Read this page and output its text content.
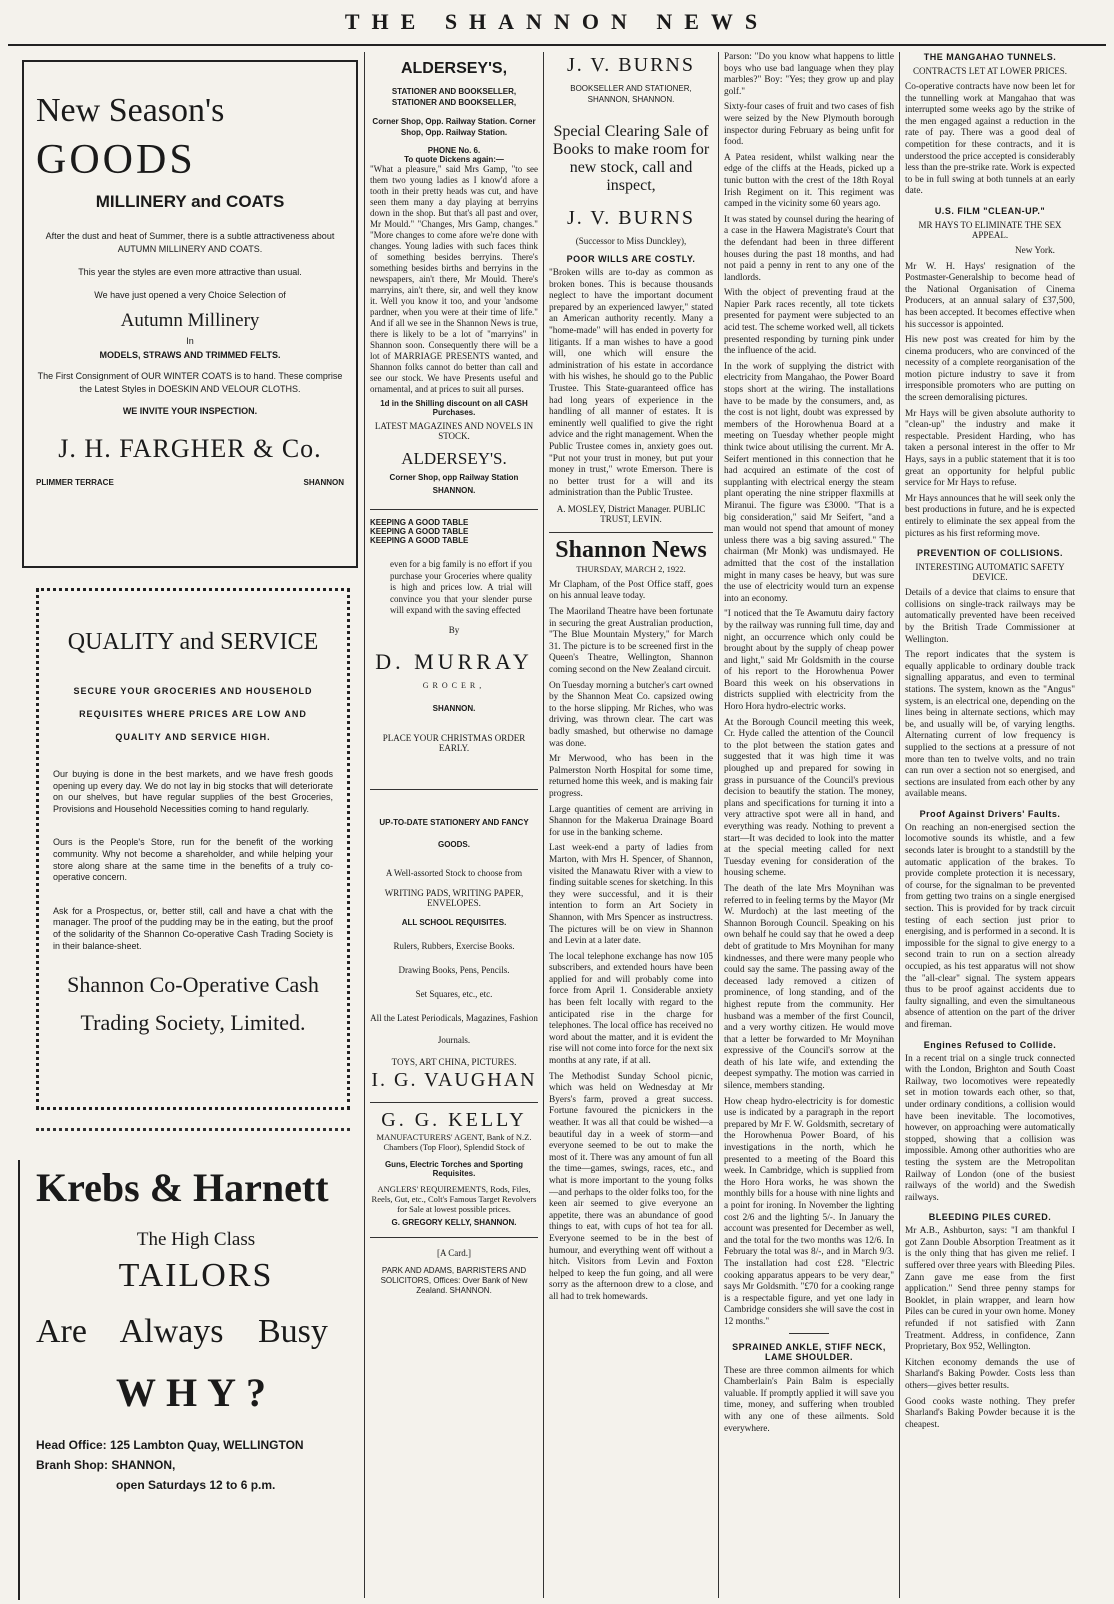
THE SHANNON NEWS
New Season's
GOODS
MILLINERY and COATS

After the dust and heat of Summer, there is a subtle attractiveness about AUTUMN MILLINERY AND COATS.

This year the styles are even more attractive than usual.

We have just opened a very Choice Selection of

Autumn Millinery
In
MODELS, STRAWS AND TRIMMED FELTS.

The First Consignment of OUR WINTER COATS is to hand. These comprise the Latest Styles in DOESKIN AND VELOUR CLOTHS.

WE INVITE YOUR INSPECTION.
J. H. FARGHER & Co.
PLIMMER TERRACE	SHANNON
QUALITY and SERVICE
SECURE YOUR GROCERIES AND HOUSEHOLD REQUISITES WHERE PRICES ARE LOW AND QUALITY AND SERVICE HIGH.

Our buying is done in the best markets, and we have fresh goods opening up every day. We do not lay in big stocks that will deteriorate on our shelves, but have regular supplies of the best Groceries, Provisions and Household Necessities coming to hand regularly.

Ours is the People's Store, run for the benefit of the working community. Why not become a shareholder, and while helping your store along share at the same time in the benefits of a truly co-operative concern.

Ask for a Prospectus, or, better still, call and have a chat with the manager. The proof of the pudding may be in the eating, but the proof of the solidarity of the Shannon Co-operative Cash Trading Society is in their balance-sheet.

Shannon Co-Operative Cash Trading Society, Limited.
Krebs & Harnett
The High Class
TAILORS
Are Always Busy
WHY?
Head Office: 125 Lambton Quay, WELLINGTON
Branh Shop: SHANNON,
open Saturdays 12 to 6 p.m.
ALDERSEY'S,
STATIONER AND BOOKSELLER, STATIONER AND BOOKSELLER,
Corner Shop, Opp. Railway Station. Corner Shop, Opp. Railway Station.
PHONE No. 6.
To quote Dickens again:—

"What a pleasure," said Mrs Gamp, "to see them two young ladies as I know'd afore a tooth in their pretty heads was cut, and have seen them many a day playing at berryins down in the shop. But that's all past and over, Mr Mould." "Changes, Mrs Gamp, changes." "More changes to come afore we're done with changes. Young ladies with such faces think of something besides berryins. There's something besides births and berryins in the newspapers, ain't there, Mr Mould. There's marryins, ain't there, sir, and well they know it. Well you know it too, and your 'andsome pardner, when you were at their time of life." And if all we see in the Shannon News is true, there is likely to be a lot of "marryins" in Shannon soon. Consequently there will be a lot of MARRIAGE PRESENTS wanted, and Shannon folks cannot do better than call and see our stock. We have Presents useful and ornamental, and at prices to suit all purses.

1d in the Shilling discount on all CASH Purchases.

LATEST MAGAZINES AND NOVELS IN STOCK.

ALDERSEY'S.
Corner Shop, opp Railway Station
SHANNON.
KEEPING A GOOD TABLE
KEEPING A GOOD TABLE
KEEPING A GOOD TABLE

even for a big family is no effort if you purchase your Groceries where quality is high and prices low. A trial will convince you that your slender purse will expand with the saving effected

By
D. MURRAY
GROCER,
SHANNON.
PLACE YOUR CHRISTMAS ORDER EARLY.
UP-TO-DATE STATIONERY AND FANCY GOODS.
A Well-assorted Stock to choose from
WRITING PADS, WRITING PAPER, ENVELOPES.
ALL SCHOOL REQUISITES.
Rulers, Rubbers, Exercise Books.
Drawing Books, Pens, Pencils.
Set Squares, etc., etc.
All the Latest Periodicals, Magazines, Fashion Journals.
TOYS, ART CHINA, PICTURES.
I. G. VAUGHAN
G. G. KELLY
MANUFACTURERS' AGENT, Bank of N.Z. Chambers (Top Floor), Splendid Stock of
Guns, Electric Torches and Sporting Requisites.
ANGLERS' REQUIREMENTS, Rods, Files, Reels, Gut, etc., Colt's Famous Target Revolvers for Sale at lowest possible prices.
G. GREGORY KELLY, SHANNON.
[A Card.]
PARK AND ADAMS, BARRISTERS AND SOLICITORS, Offices: Over Bank of New Zealand. SHANNON.
J. V. BURNS
BOOKSELLER AND STATIONER, SHANNON, SHANNON.
Special Clearing Sale of Books to make room for new stock, call and inspect,
J. V. BURNS
(Successor to Miss Dunckley),
POOR WILLS ARE COSTLY.

"Broken wills are to-day as common as broken bones. This is because thousands neglect to have the important document prepared by an experienced lawyer," stated an American authority recently. Many a "home-made" will has ended in poverty for litigants. If a man wishes to have a good will, one which will ensure the administration of his estate in accordance with his wishes, he should go to the Public Trustee. This State-guaranteed office has had long years of experience in the handling of all manner of estates. It is eminently well qualified to give the right advice and the right management. When the Public Trustee comes in, anxiety goes out. "Put not your trust in money, but put your money in trust," wrote Emerson. There is no better trust for a will and its administration than the Public Trustee.

A. MOSLEY, District Manager. PUBLIC TRUST, LEVIN.
Shannon News
THURSDAY, MARCH 2, 1922.

Mr Clapham, of the Post Office staff, goes on his annual leave today.

The Maoriland Theatre have been fortunate in securing the great Australian production, "The Blue Mountain Mystery," for March 31. The picture is to be screened first in the Queen's Theatre, Wellington, Shannon coming second on the New Zealand circuit.

On Tuesday morning a butcher's cart owned by the Shannon Meat Co. capsized owing to the horse slipping. Mr Riches, who was driving, was thrown clear. The cart was badly smashed, but otherwise no damage was done.

Mr Merwood, who has been in the Palmerston North Hospital for some time, returned home this week, and is making fair progress.

Large quantities of cement are arriving in Shannon for the Makerua Drainage Board for use in the banking scheme.

Last week-end a party of ladies from Marton, with Mrs H. Spencer, of Shannon, visited the Manawatu River with a view to finding suitable scenes for sketching. In this they were successful, and it is their intention to form an Art Society in Shannon, with Mrs Spencer as instructress. The pictures will be on view in Shannon and Levin at a later date.

The local telephone exchange has now 105 subscribers, and extended hours have been applied for and will probably come into force from April 1. Considerable anxiety has been felt locally with regard to the anticipated rise in the charge for telephones. The local office has received no word about the matter, and it is evident the rise will not come into force for the next six months at any rate, if at all.

The Methodist Sunday School picnic, which was held on Wednesday at Mr Byers's farm, proved a great success. Fortune favoured the picnickers in the weather. It was all that could be wished—a beautiful day in a week of storm—and everyone seemed to be out to make the most of it. There was any amount of fun all the time—games, swings, races, etc., and what is more important to the young folks—and perhaps to the older folks too, for the keen air seemed to give everyone an appetite, there was an abundance of good things to eat, with cups of hot tea for all. Everyone seemed to be in the best of humour, and everything went off without a hitch. Visitors from Levin and Foxton helped to keep the fun going, and all were sorry as the afternoon drew to a close, and all had to trek homewards.

Parson: "Do you know what happens to little boys who use bad language when they play marbles?" Boy: "Yes; they grow up and play golf."

Sixty-four cases of fruit and two cases of fish were seized by the New Plymouth borough inspector during February as being unfit for food.

A Patea resident, whilst walking near the edge of the cliffs at the Heads, picked up a tunic button with the crest of the 18th Royal Irish Regiment on it. This regiment was camped in the vicinity some 60 years ago.

It was stated by counsel during the hearing of a case in the Hawera Magistrate's Court that the defendant had been in three different houses during the past 18 months, and had not paid a penny in rent to any one of the landlords.

With the object of preventing fraud at the Napier Park races recently, all tote tickets presented for payment were subjected to an acid test. The scheme worked well, all tickets presented responding by turning pink under the influence of the acid.

In the work of supplying the district with electricity from Mangahao, the Power Board stops short at the wiring. The installations have to be made by the consumers, and, as the cost is not light, doubt was expressed by members of the Horowhenua Board at a meeting on Tuesday whether people might think twice about utilising the current. Mr A. Seifert mentioned in this connection that he had acquired an estimate of the cost of supplanting with electrical energy the steam plant operating the nine stripper flaxmills at Miranui. The figure was £3000. "That is a big consideration," said Mr Seifert, "and a man would not spend that amount of money unless there was a big saving assured." The chairman (Mr Monk) was undismayed. He admitted that the cost of the installation might in many cases be heavy, but was sure the use of electricity would turn an expense into an economy.

"I noticed that the Te Awamutu dairy factory by the railway was running full time, day and night, an occurrence which only could be brought about by the supply of cheap power and light," said Mr Goldsmith in the course of his report to the Horowhenua Power Board this week on his observations in districts supplied with electricity from the Horo Hora hydro-electric works.

At the Borough Council meeting this week, Cr. Hyde called the attention of the Council to the plot between the station gates and suggested that it was high time it was ploughed up and prepared for sowing in grass in pursuance of the Council's previous decision to beautify the station. The money, plans and specifications for turning it into a very attractive spot were all in hand, and everything was ready. Nothing to prevent a start—It was decided to look into the matter at the special meeting called for next Tuesday evening for consideration of the housing scheme.

The death of the late Mrs Moynihan was referred to in feeling terms by the Mayor (Mr W. Murdoch) at the last meeting of the Shannon Borough Council. Speaking on his own behalf he could say that he owed a deep debt of gratitude to Mrs Moynihan for many kindnesses, and there were many people who could say the same. The passing away of the deceased lady removed a citizen of prominence, of long standing, and of the highest repute from the community. Her husband was a member of the first Council, and a very worthy citizen. He would move that a letter be forwarded to Mr Moynihan expressive of the Council's sorrow at the death of his late wife, and extending the deepest sympathy. The motion was carried in silence, members standing.

How cheap hydro-electricity is for domestic use is indicated by a paragraph in the report prepared by Mr F. W. Goldsmith, secretary of the Horowhenua Power Board, of his investigations in the north, which he presented to a meeting of the Board this week. In Cambridge, which is supplied from the Horo Hora works, he was shown the monthly bills for a house with nine lights and a point for ironing. In November the lighting cost 2/6 and the lighting 5/-. In January the account was presented for December as well, and the total for the two months was 12/6. In February the total was 8/-, and in March 9/3. The installation had cost £28. "Electric cooking apparatus appears to be very dear," says Mr Goldsmith. "£70 for a cooking range is a respectable figure, and yet one lady in Cambridge considers she will save the cost in 12 months."

SPRAINED ANKLE, STIFF NECK, LAME SHOULDER.

These are three common ailments for which Chamberlain's Pain Balm is especially valuable. If promptly applied it will save you time, money, and suffering when troubled with any one of these ailments. Sold everywhere.

THE MANGAHAO TUNNELS.
CONTRACTS LET AT LOWER PRICES.

Co-operative contracts have now been let for the tunnelling work at Mangahao that was interrupted some weeks ago by the strike of the men engaged against a reduction in the rate of pay. There was a good deal of competition for these contracts, and it is understood the price accepted is considerably less than the pre-strike rate. Work is expected to be in full swing at both tunnels at an early date.

U.S. FILM "CLEAN-UP."
MR HAYS TO ELIMINATE THE SEX APPEAL.

New York.

Mr W. H. Hays' resignation of the Postmaster-Generalship to become head of the National Organisation of Cinema Producers, at an annual salary of £37,500, has been accepted. It becomes effective when his successor is appointed.

His new post was created for him by the cinema producers, who are convinced of the necessity of a complete reorganisation of the motion picture industry to save it from irresponsible promoters who are putting on the screen demoralising pictures.

Mr Hays will be given absolute authority to "clean-up" the industry and make it respectable. President Harding, who has taken a personal interest in the offer to Mr Hays, says in a public statement that it is too great an opportunity for helpful public service for Mr Hays to refuse.

Mr Hays announces that he will seek only the best productions in future, and he is expected entirely to eliminate the sex appeal from the pictures as his first reforming move.

PREVENTION OF COLLISIONS.
INTERESTING AUTOMATIC SAFETY DEVICE.

Details of a device that claims to ensure that collisions on single-track railways may be automatically prevented have been received by the British Trade Commissioner at Wellington.

The report indicates that the system is equally applicable to ordinary double track signalling apparatus, and even to terminal stations. The system, known as the "Angus" system, is an electrical one, depending on the lines being in alternate sections, which may be, and usually will be, of varying lengths. Alternating current of low frequency is supplied to the sections at a pressure of not more than ten to twelve volts, and no train can run over a section not so energised, and sections are insulated from each other by any available means.

Proof Against Drivers' Faults.

On reaching an non-energised section the locomotive sounds its whistle, and a few seconds later is brought to a standstill by the automatic application of the brakes. To provide complete protection it is necessary, of course, for the signalman to be prevented from getting two trains on a single energised section. This is provided for by track circuit testing of each section just prior to energising, and is performed in a second. It is impossible for the signal to give energy to a second train to run on a section already occupied, as his test apparatus will not show the "all-clear" signal. The system appears thus to be proof against accidents due to faulty signalling, and even the simultaneous absence of attention on the part of the driver and fireman.

Engines Refused to Collide.

In a recent trial on a single truck connected with the London, Brighton and South Coast Railway, two locomotives were repeatedly set in motion towards each other, so that, under ordinary conditions, a collision would have been inevitable. The locomotives, however, on approaching were automatically stopped, showing that a collision was impossible. Among other authorities who are testing the system are the Metropolitan Railway of London (one of the busiest railways of the world) and the Swedish railways.

BLEEDING PILES CURED.

Mr A.B., Ashburton, says: "I am thankful I got Zann Double Absorption Treatment as it is the only thing that has given me relief. I suffered over three years with Bleeding Piles. Zann gave me ease from the first application." Send three penny stamps for Booklet, in plain wrapper, and learn how Piles can be cured in your own home. Money refunded if not satisfied with Zann Treatment. Address, in confidence, Zann Proprietary, Box 952, Wellington.

Kitchen economy demands the use of Sharland's Baking Powder. Costs less than others—gives better results.

Good cooks waste nothing. They prefer Sharland's Baking Powder because it is the cheapest.
